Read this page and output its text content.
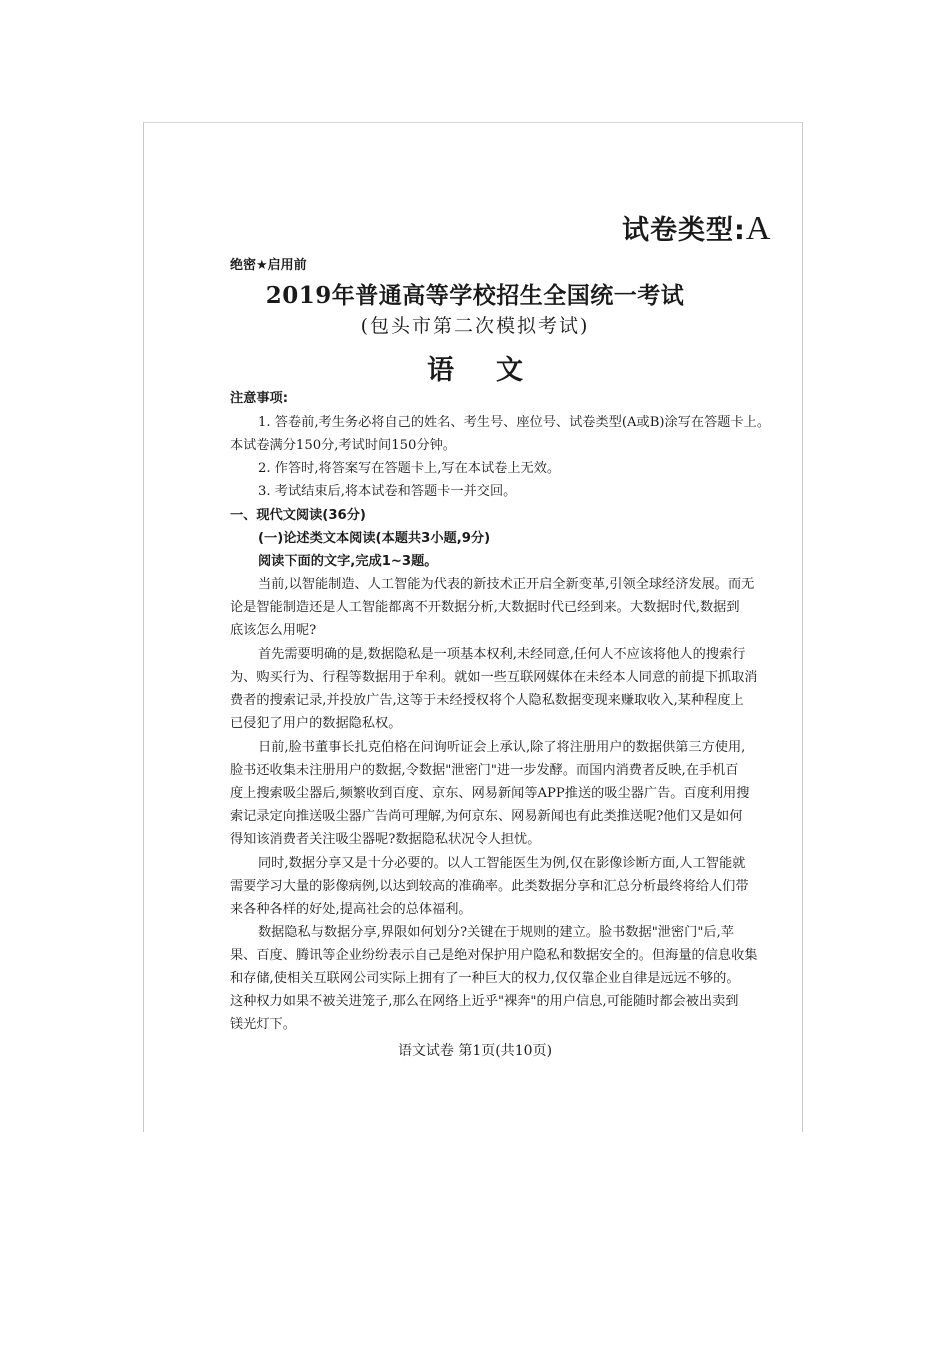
试卷类型:A
绝密★启用前
2019年普通高等学校招生全国统一考试
(包头市第二次模拟考试)
语文
注意事项:
1. 答卷前,考生务必将自己的姓名、考生号、座位号、试卷类型(A或B)涂写在答题卡上。
本试卷满分150分,考试时间150分钟。
2. 作答时,将答案写在答题卡上,写在本试卷上无效。
3. 考试结束后,将本试卷和答题卡一并交回。
一、现代文阅读(36分)
(一)论述类文本阅读(本题共3小题,9分)
阅读下面的文字,完成1~3题。
当前,以智能制造、人工智能为代表的新技术正开启全新变革,引领全球经济发展。而无
论是智能制造还是人工智能都离不开数据分析,大数据时代已经到来。大数据时代,数据到
底该怎么用呢?
首先需要明确的是,数据隐私是一项基本权利,未经同意,任何人不应该将他人的搜索行
为、购买行为、行程等数据用于牟利。就如一些互联网媒体在未经本人同意的前提下抓取消
费者的搜索记录,并投放广告,这等于未经授权将个人隐私数据变现来赚取收入,某种程度上
已侵犯了用户的数据隐私权。
日前,脸书董事长扎克伯格在问询听证会上承认,除了将注册用户的数据供第三方使用,
脸书还收集未注册用户的数据,令数据"泄密门"进一步发酵。而国内消费者反映,在手机百
度上搜索吸尘器后,频繁收到百度、京东、网易新闻等APP推送的吸尘器广告。百度利用搜
索记录定向推送吸尘器广告尚可理解,为何京东、网易新闻也有此类推送呢?他们又是如何
得知该消费者关注吸尘器呢?数据隐私状况令人担忧。
同时,数据分享又是十分必要的。以人工智能医生为例,仅在影像诊断方面,人工智能就
需要学习大量的影像病例,以达到较高的准确率。此类数据分享和汇总分析最终将给人们带
来各种各样的好处,提高社会的总体福利。
数据隐私与数据分享,界限如何划分?关键在于规则的建立。脸书数据"泄密门"后,苹
果、百度、腾讯等企业纷纷表示自己是绝对保护用户隐私和数据安全的。但海量的信息收集
和存储,使相关互联网公司实际上拥有了一种巨大的权力,仅仅靠企业自律是远远不够的。
这种权力如果不被关进笼子,那么在网络上近乎"裸奔"的用户信息,可能随时都会被出卖到
镁光灯下。
语文试卷 第1页(共10页)
